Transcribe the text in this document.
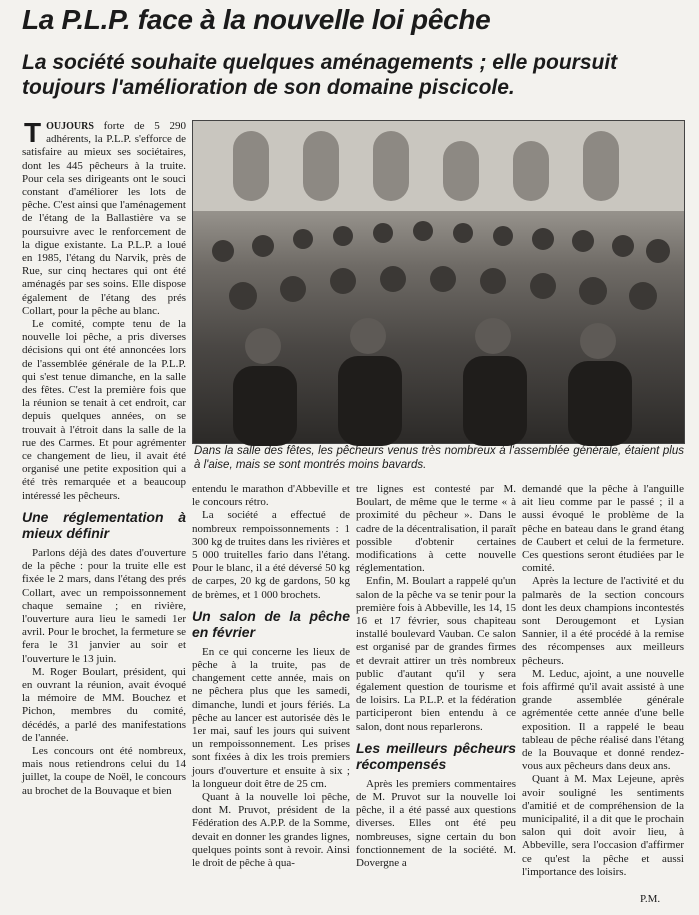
La P.L.P. face à la nouvelle loi pêche
La société souhaite quelques aménagements ; elle poursuit toujours l'amélioration de son domaine piscicole.

TOUJOURS forte de 5 290 adhérents, la P.L.P. s'efforce de satisfaire au mieux ses sociétaires, dont les 445 pêcheurs à la truite. Pour cela ses dirigeants ont le souci constant d'améliorer les lots de pêche. C'est ainsi que l'aménagement de l'étang de la Ballastière va se poursuivre avec le renforcement de la digue existante. La P.L.P. a loué en 1985, l'étang du Narvik, près de Rue, sur cinq hectares qui ont été aménagés par ses soins. Elle dispose également de l'étang des prés Collart, pour la pêche au blanc.

Le comité, compte tenu de la nouvelle loi pêche, a pris diverses décisions qui ont été annoncées lors de l'assemblée générale de la P.L.P. qui s'est tenue dimanche, en la salle des fêtes. C'est la première fois que la réunion se tenait à cet endroit, car depuis quelques années, on se trouvait à l'étroit dans la salle de la rue des Carmes. Et pour agrémenter ce changement de lieu, il avait été organisé une petite exposition qui a été très remarquée et a beaucoup intéressé les pêcheurs.

Une réglementation à mieux définir

Parlons déjà des dates d'ouverture de la pêche : pour la truite elle est fixée le 2 mars, dans l'étang des prés Collart, avec un rempoissonnement chaque semaine ; en rivière, l'ouverture aura lieu le samedi 1er avril. Pour le brochet, la fermeture se fera le 31 janvier au soir et l'ouverture le 13 juin.

M. Roger Boulart, président, qui en ouvrant la réunion, avait évoqué la mémoire de MM. Bouchez et Pichon, membres du comité, décédés, a parlé des manifestations de l'année.

Les concours ont été nombreux, mais nous retiendrons celui du 14 juillet, la coupe de Noël, le concours au brochet de la Bouvaque et bien

Dans la salle des fêtes, les pêcheurs venus très nombreux à l'assemblée générale, étaient plus à l'aise, mais se sont montrés moins bavards.

entendu le marathon d'Abbeville et le concours rétro.

La société a effectué de nombreux rempoissonnements : 1 300 kg de truites dans les rivières et 5 000 truitelles fario dans l'étang. Pour le blanc, il a été déversé 50 kg de carpes, 20 kg de gardons, 50 kg de brèmes, et 1 000 brochets.

Un salon de la pêche en février

En ce qui concerne les lieux de pêche à la truite, pas de changement cette année, mais on ne pêchera plus que les samedi, dimanche, lundi et jours fériés. La pêche au lancer est autorisée dès le 1er mai, sauf les jours qui suivent un rempoissonnement. Les prises sont fixées à dix les trois premiers jours d'ouverture et ensuite à six ; la longueur doit être de 25 cm.

Quant à la nouvelle loi pêche, dont M. Pruvot, président de la Fédération des A.P.P. de la Somme, devait en donner les grandes lignes, quelques points sont à revoir. Ainsi le droit de pêche à qua-

tre lignes est contesté par M. Boulart, de même que le terme « à proximité du pêcheur ». Dans le cadre de la décentralisation, il paraît possible d'obtenir certaines modifications à cette nouvelle réglementation.

Enfin, M. Boulart a rappelé qu'un salon de la pêche va se tenir pour la première fois à Abbeville, les 14, 15 16 et 17 février, sous chapiteau installé boulevard Vauban. Ce salon est organisé par de grandes firmes et devrait attirer un très nombreux public d'autant qu'il y sera également question de tourisme et de loisirs. La P.L.P. et la fédération participeront bien entendu à ce salon, dont nous reparlerons.

Les meilleurs pêcheurs récompensés

Après les premiers commentaires de M. Pruvot sur la nouvelle loi pêche, il a été passé aux questions diverses. Elles ont été peu nombreuses, signe certain du bon fonctionnement de la société. M. Dovergne a

demandé que la pêche à l'anguille ait lieu comme par le passé ; il a aussi évoqué le problème de la pêche en bateau dans le grand étang de Caubert et celui de la fermeture. Ces questions seront étudiées par le comité.

Après la lecture de l'activité et du palmarès de la section concours dont les deux champions incontestés sont Derougemont et Lysian Sannier, il a été procédé à la remise des récompenses aux meilleurs pêcheurs.

M. Leduc, ajoint, a une nouvelle fois affirmé qu'il avait assisté à une grande assemblée générale agrémentée cette année d'une belle exposition. Il a rappelé le beau tableau de pêche réalisé dans l'étang de la Bouvaque et donné rendez-vous aux pêcheurs dans deux ans.

Quant à M. Max Lejeune, après avoir souligné les sentiments d'amitié et de compréhension de la municipalité, il a dit que le prochain salon qui doit avoir lieu, à Abbeville, sera l'occasion d'affirmer ce qu'est la pêche et aussi l'importance des loisirs.

P.M.
